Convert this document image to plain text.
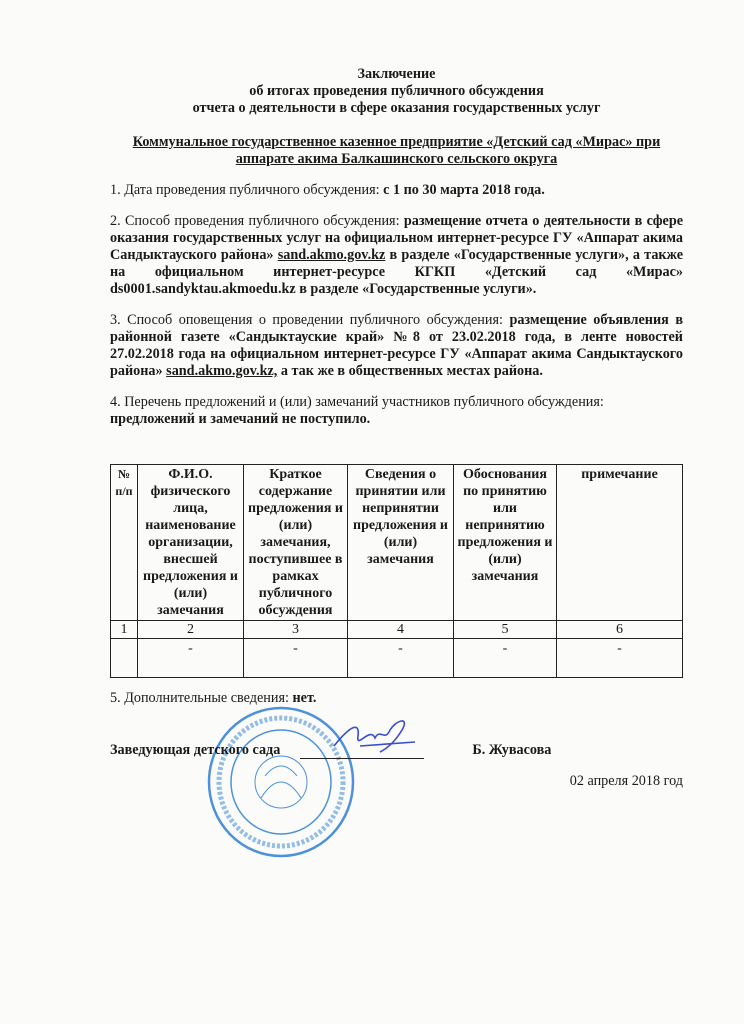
Заключение
об итогах проведения публичного обсуждения
отчета о деятельности в сфере оказания государственных услуг
Коммунальное государственное казенное предприятие «Детский сад «Мирас» при аппарате акима Балкашинского сельского округа
1. Дата проведения публичного обсуждения: с 1 по 30 марта 2018 года.
2. Способ проведения публичного обсуждения: размещение отчета о деятельности в сфере оказания государственных услуг на официальном интернет-ресурсе ГУ «Аппарат акима Сандыктауского района» sand.akmo.gov.kz в разделе «Государственные услуги», а также на официальном интернет-ресурсе КГКП «Детский сад «Мирас» ds0001.sandyktau.akmoedu.kz в разделе «Государственные услуги».
3. Способ оповещения о проведении публичного обсуждения: размещение объявления в районной газете «Сандыктауские край» №8 от 23.02.2018 года, в ленте новостей 27.02.2018 года на официальном интернет-ресурсе ГУ «Аппарат акима Сандыктауского района» sand.akmo.gov.kz, а так же в общественных местах района.
4. Перечень предложений и (или) замечаний участников публичного обсуждения:
предложений и замечаний не поступило.
№ п/п	Ф.И.О. физического лица, наименование организации, внесшей предложения и (или) замечания	Краткое содержание предложения и (или) замечания, поступившее в рамках публичного обсуждения	Сведения о принятии или непринятии предложения и (или) замечания	Обоснования по принятию или непринятию предложения и (или) замечания	примечание
1	2	3	4	5	6
	-	-	-	-	-
5. Дополнительные сведения: нет.
Заведующая детского сада	Б. Жувасова
02 апреля 2018 год
